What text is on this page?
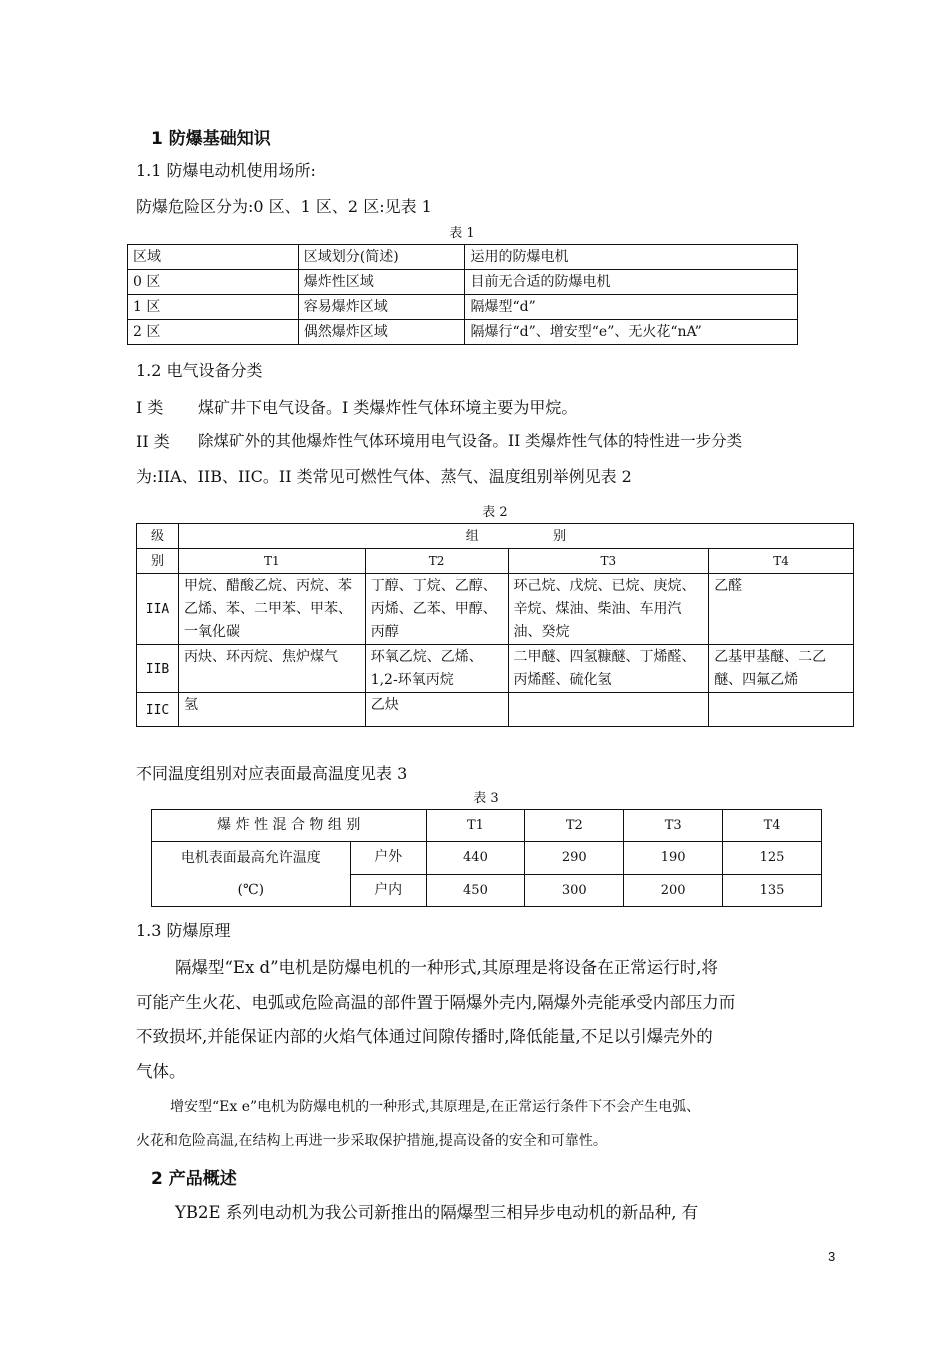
1 防爆基础知识
1.1 防爆电动机使用场所:
防爆危险区分为:0 区、1 区、2 区:见表 1
表 1
区域	区域划分(简述)	运用的防爆电机
0 区	爆炸性区域	目前无合适的防爆电机
1 区	容易爆炸区域	隔爆型“d”
2 区	偶然爆炸区域	隔爆行“d”、增安型“e”、无火花“nA”
1.2 电气设备分类
I 类 煤矿井下电气设备。I 类爆炸性气体环境主要为甲烷。
II 类 除煤矿外的其他爆炸性气体环境用电气设备。II 类爆炸性气体的特性进一步分类
为:IIA、IIB、IIC。II 类常见可燃性气体、蒸气、温度组别举例见表 2
表 2
级	组                  别			
别	T1	T2	T3	T4
IIA	甲烷、醋酸乙烷、丙烷、苯乙烯、苯、二甲苯、甲苯、一氧化碳	丁醇、丁烷、乙醇、丙烯、乙苯、甲醇、丙醇	环己烷、戊烷、已烷、庚烷、辛烷、煤油、柴油、车用汽油、癸烷	乙醛
IIB	丙炔、环丙烷、焦炉煤气	环氧乙烷、乙烯、1,2-环氧丙烷	二甲醚、四氢糠醚、丁烯醛、丙烯醛、硫化氢	乙基甲基醚、二乙醚、四氟乙烯
IIC	氢	乙炔		
不同温度组别对应表面最高温度见表 3
表 3
爆 炸 性 混 合 物 组 别		T1	T2	T3	T4

电机表面最高允许温度
(℃)	户外	440	290	190	125
	户内	450	300	200	135
1.3 防爆原理
隔爆型“Ex d”电机是防爆电机的一种形式,其原理是将设备在正常运行时,将
可能产生火花、电弧或危险高温的部件置于隔爆外壳内,隔爆外壳能承受内部压力而
不致损坏,并能保证内部的火焰气体通过间隙传播时,降低能量,不足以引爆壳外的
气体。
增安型“Ex e”电机为防爆电机的一种形式,其原理是,在正常运行条件下不会产生电弧、
火花和危险高温,在结构上再进一步采取保护措施,提高设备的安全和可靠性。
2 产品概述
YB2E 系列电动机为我公司新推出的隔爆型三相异步电动机的新品种, 有
3
